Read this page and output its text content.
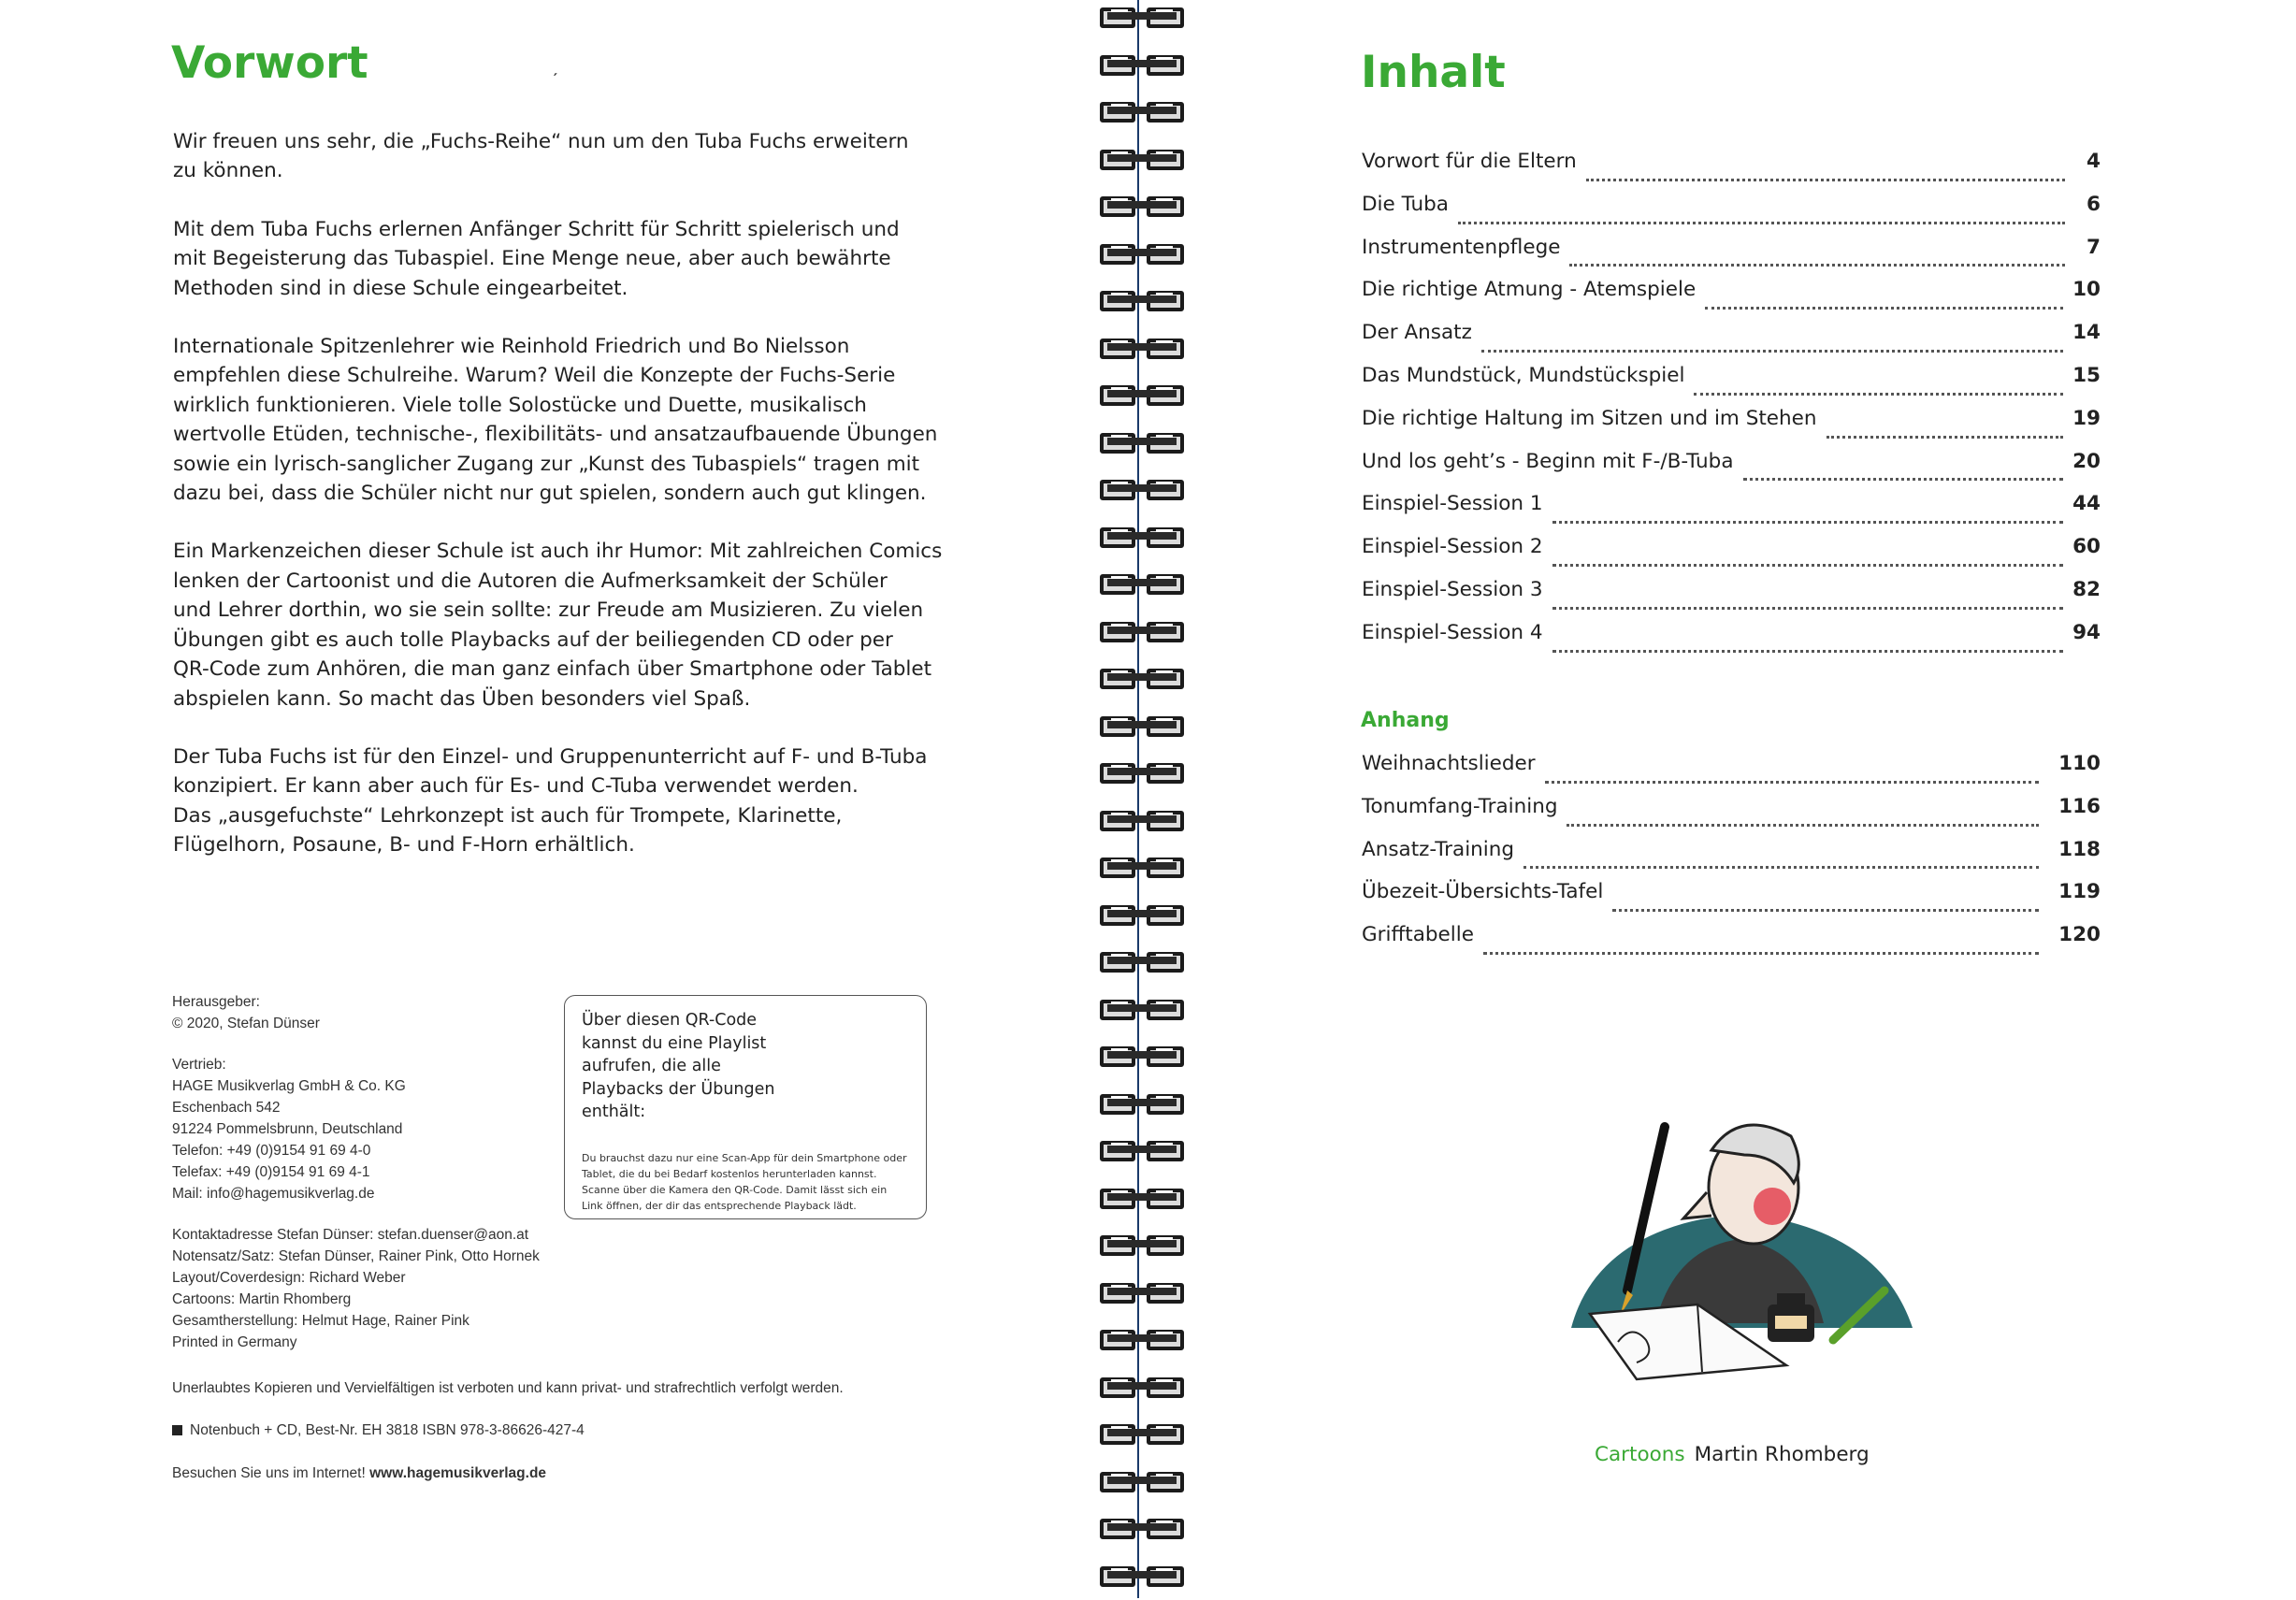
Vorwort	ˏ

Wir freuen uns sehr, die „Fuchs-Reihe“ nun um den Tuba Fuchs erweitern
zu können.

Mit dem Tuba Fuchs erlernen Anfänger Schritt für Schritt spielerisch und
mit Begeisterung das Tubaspiel. Eine Menge neue, aber auch bewährte
Methoden sind in diese Schule eingearbeitet.

Internationale Spitzenlehrer wie Reinhold Friedrich und Bo Nielsson
empfehlen diese Schulreihe. Warum? Weil die Konzepte der Fuchs-Serie
wirklich funktionieren. Viele tolle Solostücke und Duette, musikalisch
wertvolle Etüden, technische-, flexibilitäts- und ansatzaufbauende Übungen
sowie ein lyrisch-sanglicher Zugang zur „Kunst des Tubaspiels“ tragen mit
dazu bei, dass die Schüler nicht nur gut spielen, sondern auch gut klingen.

Ein Markenzeichen dieser Schule ist auch ihr Humor: Mit zahlreichen Comics
lenken der Cartoonist und die Autoren die Aufmerksamkeit der Schüler
und Lehrer dorthin, wo sie sein sollte: zur Freude am Musizieren. Zu vielen
Übungen gibt es auch tolle Playbacks auf der beiliegenden CD oder per
QR-Code zum Anhören, die man ganz einfach über Smartphone oder Tablet
abspielen kann. So macht das Üben besonders viel Spaß.

Der Tuba Fuchs ist für den Einzel- und Gruppenunterricht auf F- und B-Tuba
konzipiert. Er kann aber auch für Es- und C-Tuba verwendet werden.
Das „ausgefuchste“ Lehrkonzept ist auch für Trompete, Klarinette,
Flügelhorn, Posaune, B- und F-Horn erhältlich.

Herausgeber:
© 2020, Stefan Dünser
Vertrieb:
HAGE Musikverlag GmbH & Co. KG
Eschenbach 542
91224 Pommelsbrunn, Deutschland
Telefon: +49 (0)9154 91 69 4-0
Telefax: +49 (0)9154 91 69 4-1
Mail: info@hagemusikverlag.de
Kontaktadresse Stefan Dünser: stefan.duenser@aon.at
Notensatz/Satz: Stefan Dünser, Rainer Pink, Otto Hornek
Layout/Coverdesign: Richard Weber
Cartoons: Martin Rhomberg
Gesamtherstellung: Helmut Hage, Rainer Pink
Printed in Germany
Über diesen QR-Code kannst du eine Playlist aufrufen, die alle Playbacks der Übungen enthält:
Du brauchst dazu nur eine Scan-App für dein Smartphone oder Tablet, die du bei Bedarf kostenlos herunterladen kannst. Scanne über die Kamera den QR-Code. Damit lässt sich ein Link öffnen, der dir das entsprechende Playback lädt.
Unerlaubtes Kopieren und Vervielfältigen ist verboten und kann privat- und strafrechtlich verfolgt werden.
Notenbuch + CD, Best-Nr. EH 3818 ISBN 978-3-86626-427-4
Besuchen Sie uns im Internet! www.hagemusikverlag.de
Inhalt
Vorwort für die Eltern	4
Die Tuba	6
Instrumentenpflege	7
Die richtige Atmung - Atemspiele	10
Der Ansatz	14
Das Mundstück, Mundstückspiel	15
Die richtige Haltung im Sitzen und im Stehen	19
Und los geht’s - Beginn mit F-/B-Tuba	20
Einspiel-Session 1	44
Einspiel-Session 2	60
Einspiel-Session 3	82
Einspiel-Session 4	94
Anhang
Weihnachtslieder	110
Tonumfang-Training	116
Ansatz-Training	118
Übezeit-Übersichts-Tafel	119
Grifftabelle	120
Cartoons Martin Rhomberg
